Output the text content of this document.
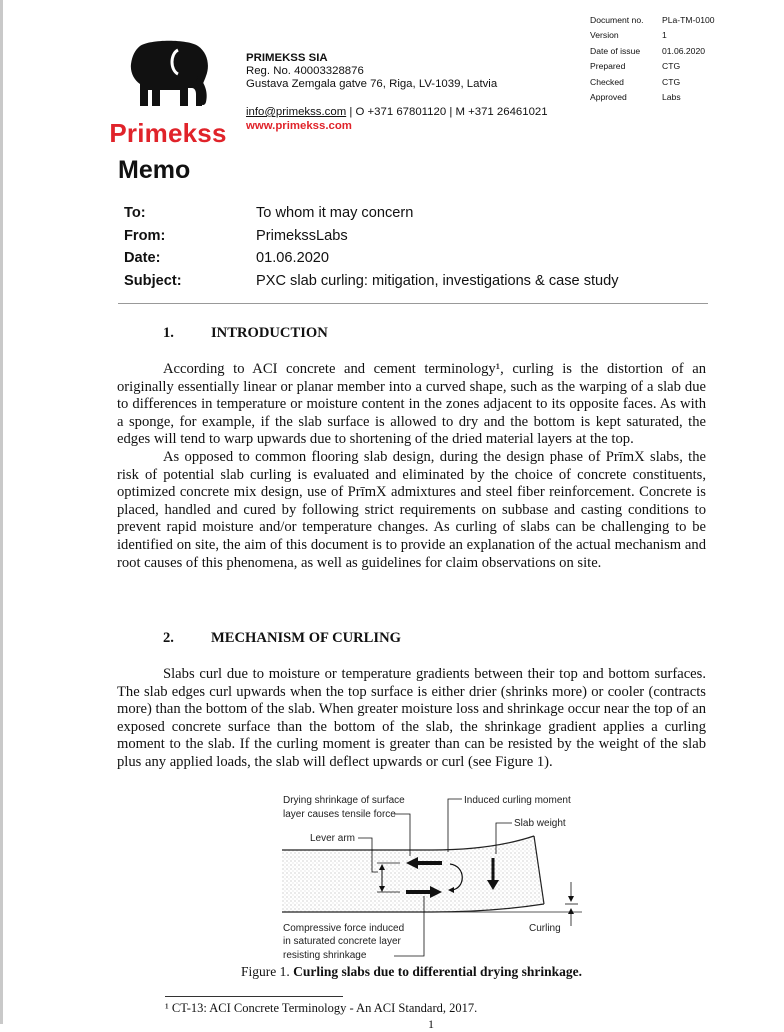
Primekss
PRIMEKSS SIA
Reg. No. 40003328876
Gustava Zemgala gatve 76, Riga, LV-1039, Latvia
info@primekss.com | O +371 67801120 | M +371 26461021
www.primekss.com
Document no.	PLa-TM-0100
Version	1
Date of issue	01.06.2020
Prepared	CTG
Checked	CTG
Approved	Labs
Memo
To:	To whom it may concern
From:	PrimekssLabs
Date:	01.06.2020
Subject:	PXC slab curling: mitigation, investigations & case study
1.	INTRODUCTION

According to ACI concrete and cement terminology¹, curling is the distortion of an originally essentially linear or planar member into a curved shape, such as the warping of a slab due to differences in temperature or moisture content in the zones adjacent to its opposite faces. As with a sponge, for example, if the slab surface is allowed to dry and the bottom is kept saturated, the edges will tend to warp upwards due to shortening of the dried material layers at the top.

As opposed to common flooring slab design, during the design phase of PrīmX slabs, the risk of potential slab curling is evaluated and eliminated by the choice of concrete constituents, optimized concrete mix design, use of PrīmX admixtures and steel fiber reinforcement. Concrete is placed, handled and cured by following strict requirements on subbase and casting conditions to prevent rapid moisture and/or temperature changes. As curling of slabs can be challenging to be identified on site, the aim of this document is to provide an explanation of the actual mechanism and root causes of this phenomena, as well as guidelines for claim observations on site.

2.	MECHANISM OF CURLING

Slabs curl due to moisture or temperature gradients between their top and bottom surfaces. The slab edges curl upwards when the top surface is either drier (shrinks more) or cooler (contracts more) than the bottom of the slab. When greater moisture loss and shrinkage occur near the top of an exposed concrete surface than the bottom of the slab, the shrinkage gradient applies a curling moment to the slab. If the curling moment is greater than can be resisted by the weight of the slab plus any applied loads, the slab will deflect upwards or curl (see Figure 1).

Drying shrinkage of surface
layer causes tensile force
Induced curling moment
Slab weight
Lever arm
Compressive force induced
in saturated concrete layer
resisting shrinkage
Curling
Figure 1. Curling slabs due to differential drying shrinkage.
¹ CT-13: ACI Concrete Terminology - An ACI Standard, 2017.
1
